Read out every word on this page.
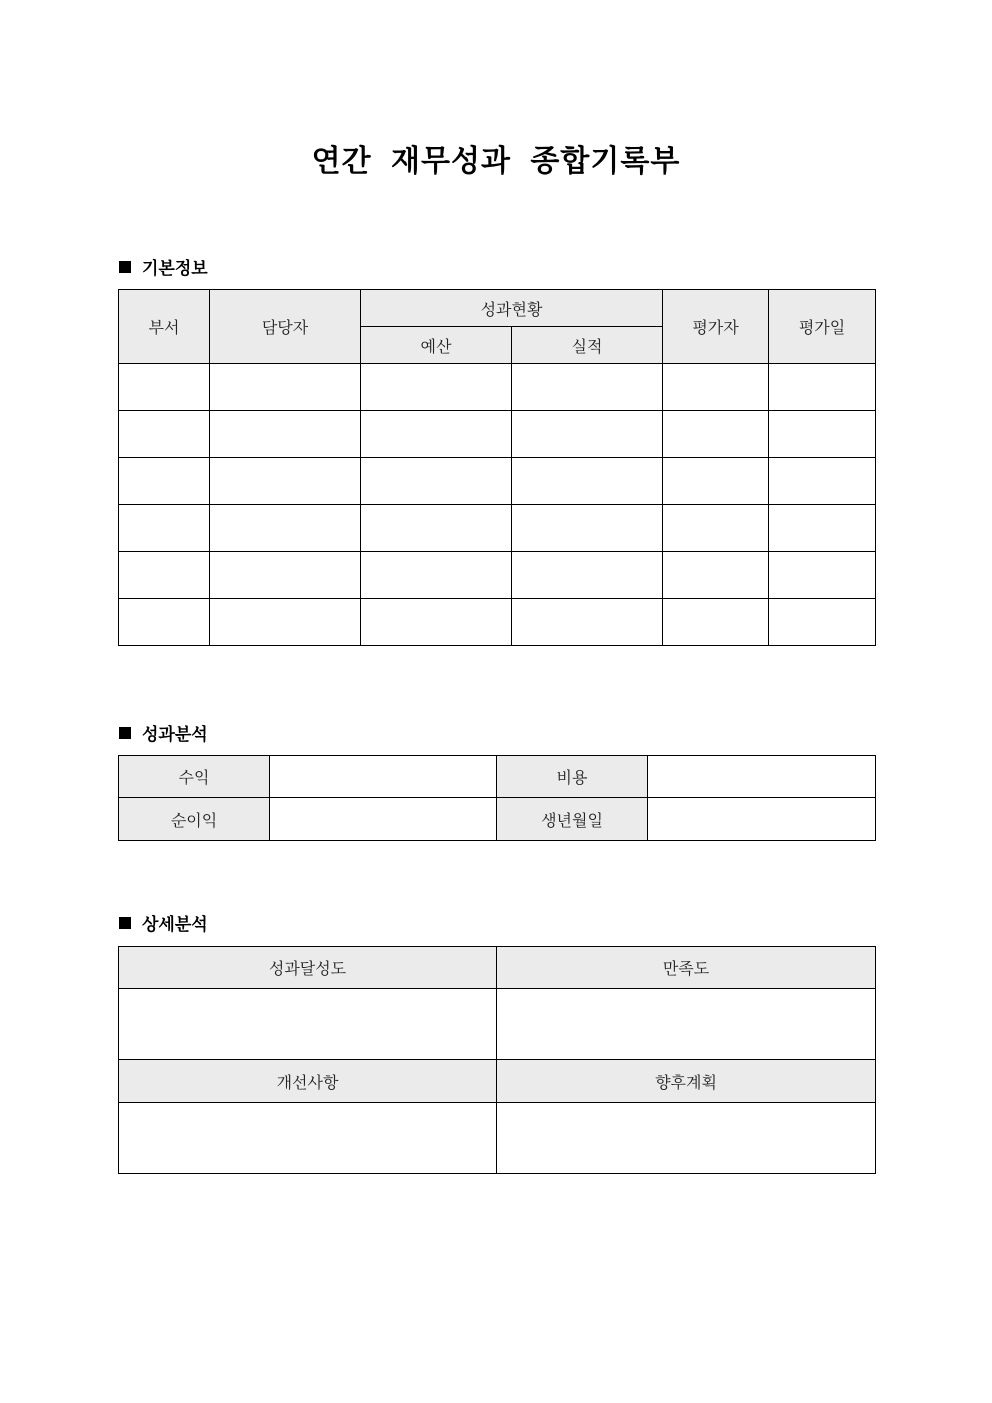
연간 재무성과 종합기록부
기본정보
부서	담당자	성과현황		평가자	평가일
		예산	실적		

성과분석
수익		비용	
순이익		생년월일	
상세분석
성과달성도	만족도

개선사항	향후계획
